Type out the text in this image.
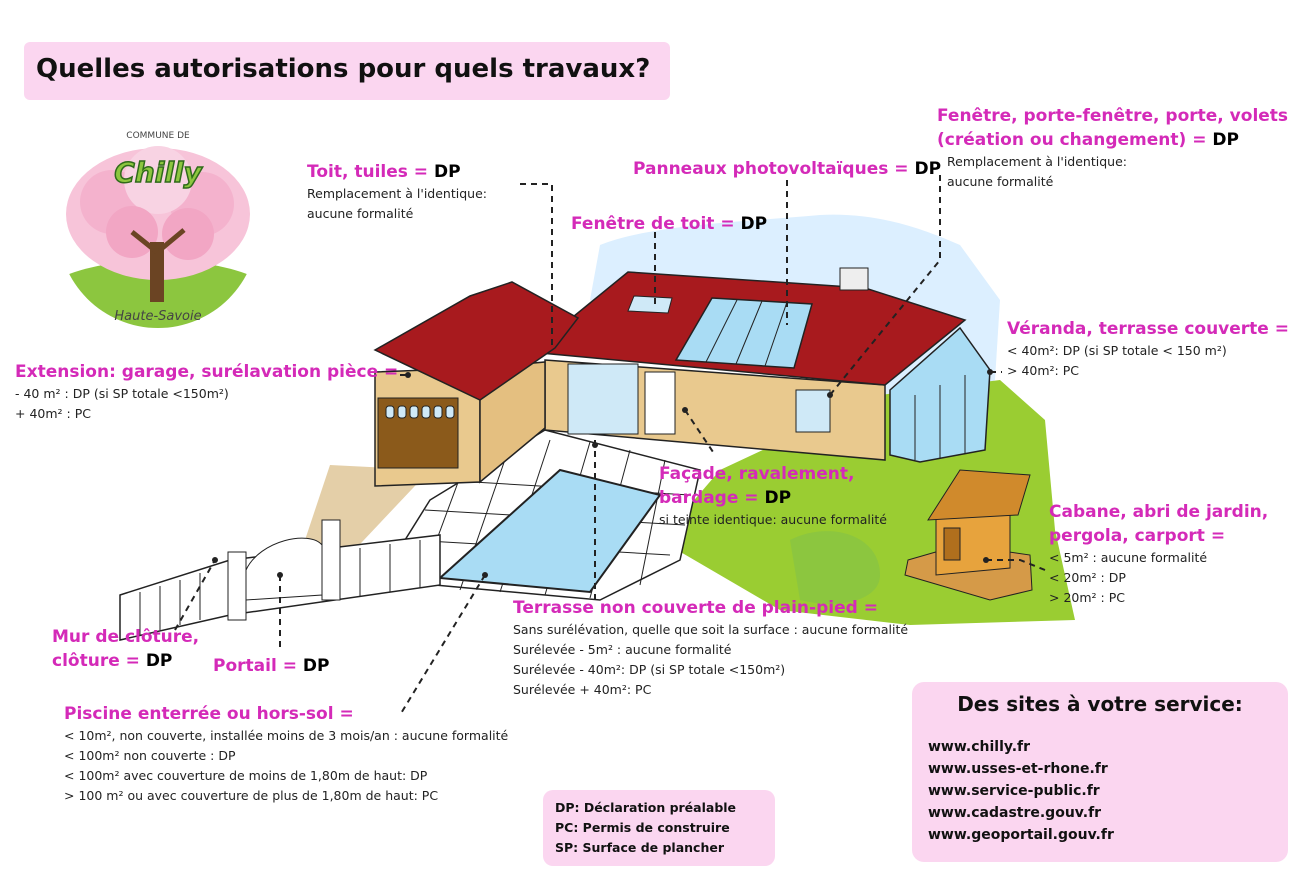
Quelles autorisations pour quels travaux?
COMMUNE DE
Chilly
Haute-Savoie
Toit, tuiles = DP
Remplacement à l'identique:
aucune formalité
Panneaux photovoltaïques = DP
Fenêtre de toit = DP
Fenêtre, porte-fenêtre, porte, volets
(création ou changement) = DP
Remplacement à l'identique:
aucune formalité
Extension: garage, surélavation pièce =
- 40 m² : DP (si SP totale <150m²)
+ 40m² : PC
Véranda, terrasse couverte =
< 40m²: DP (si SP totale < 150 m²)
> 40m²: PC
Façade, ravalement,
bardage = DP
si teinte identique: aucune formalité	Cabane, abri de jardin,
pergola, carport =
< 5m² : aucune formalité
< 20m² : DP
> 20m² : PC
Terrasse non couverte de plain-pied =
Sans surélévation, quelle que soit la surface : aucune formalité
Surélevée - 5m² : aucune formalité
Surélevée - 40m²: DP (si SP totale <150m²)
Surélevée + 40m²: PC
Mur de clôture,
clôture = DP	Portail = DP
Piscine enterrée ou hors-sol =
< 10m², non couverte, installée moins de 3 mois/an : aucune formalité
< 100m² non couverte : DP
< 100m² avec couverture de moins de 1,80m de haut: DP
> 100 m² ou avec couverture de plus de 1,80m de haut: PC
DP: Déclaration préalable
PC: Permis de construire
SP: Surface de plancher
Des sites à votre service:
www.chilly.fr
www.usses-et-rhone.fr
www.service-public.fr
www.cadastre.gouv.fr
www.geoportail.gouv.fr
